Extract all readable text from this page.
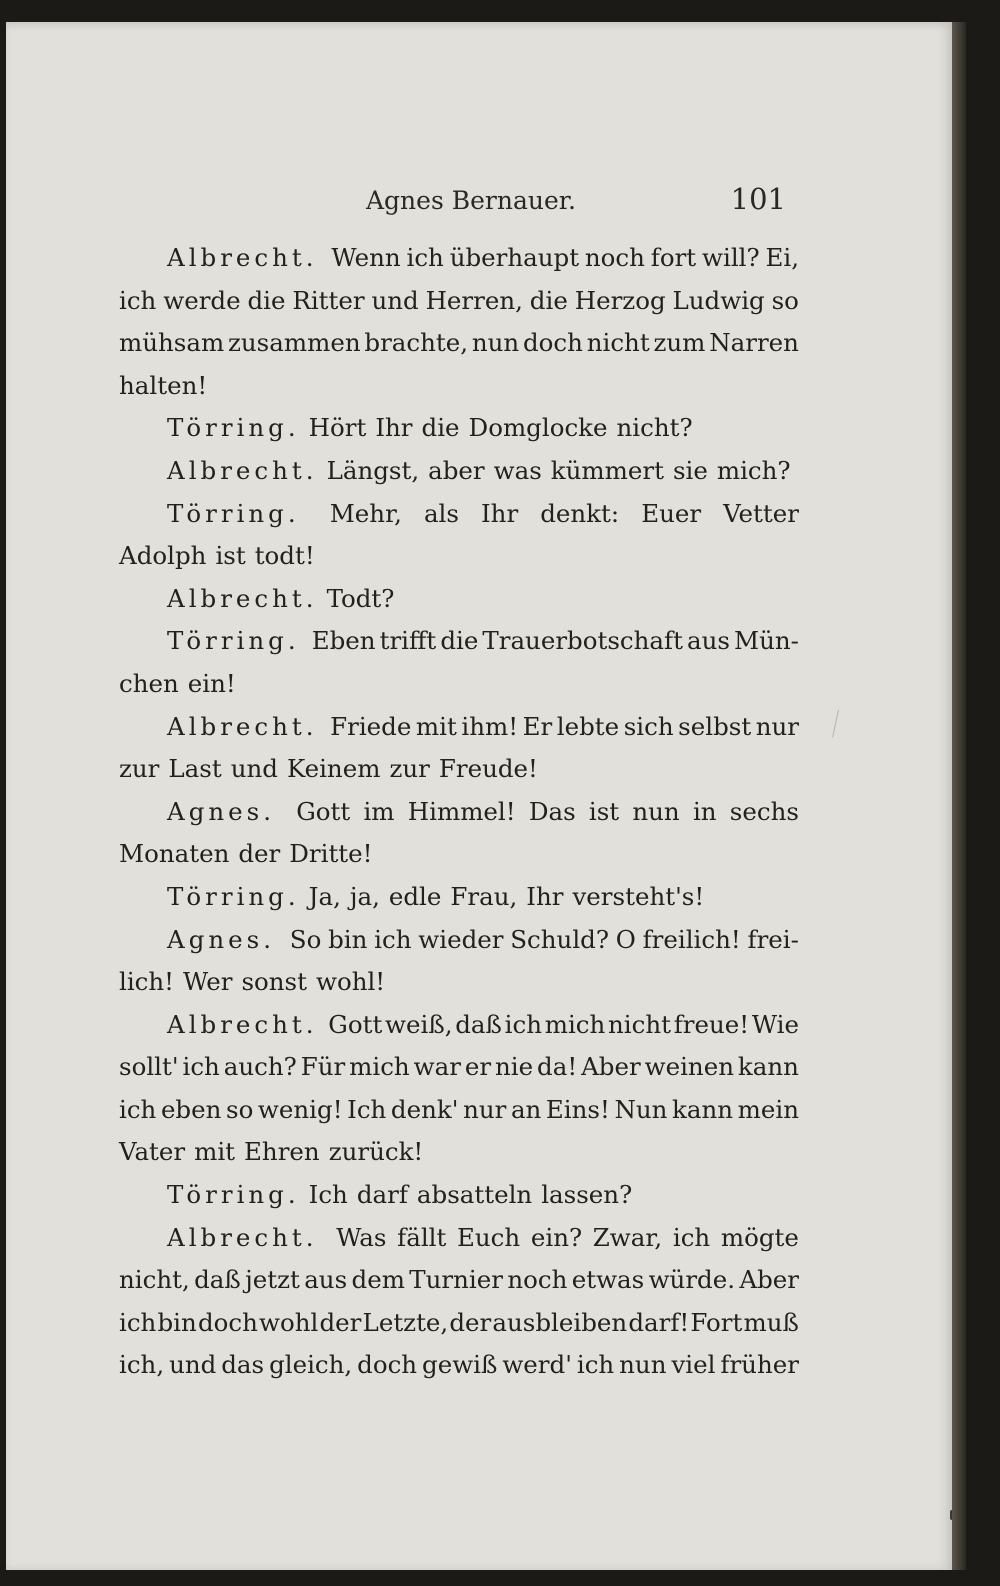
Agnes Bernauer.	101
Albrecht. Wenn ich überhaupt noch fort will? Ei,
ich werde die Ritter und Herren, die Herzog Ludwig so
mühsam zusammen brachte, nun doch nicht zum Narren
halten!
Törring. Hört Ihr die Domglocke nicht?
Albrecht. Längst, aber was kümmert sie mich?
Törring. Mehr, als Ihr denkt: Euer Vetter
Adolph ist todt!
Albrecht. Todt?
Törring. Eben trifft die Trauerbotschaft aus Mün-
chen ein!
Albrecht. Friede mit ihm! Er lebte sich selbst nur
zur Last und Keinem zur Freude!
Agnes. Gott im Himmel! Das ist nun in sechs
Monaten der Dritte!
Törring. Ja, ja, edle Frau, Ihr versteht's!
Agnes. So bin ich wieder Schuld? O freilich! frei-
lich! Wer sonst wohl!
Albrecht. Gott weiß, daß ich mich nicht freue! Wie
sollt' ich auch? Für mich war er nie da! Aber weinen kann
ich eben so wenig! Ich denk' nur an Eins! Nun kann mein
Vater mit Ehren zurück!
Törring. Ich darf absatteln lassen?
Albrecht. Was fällt Euch ein? Zwar, ich mögte
nicht, daß jetzt aus dem Turnier noch etwas würde. Aber
ich bin doch wohl der Letzte, der ausbleiben darf! Fort muß
ich, und das gleich, doch gewiß werd' ich nun viel früher
